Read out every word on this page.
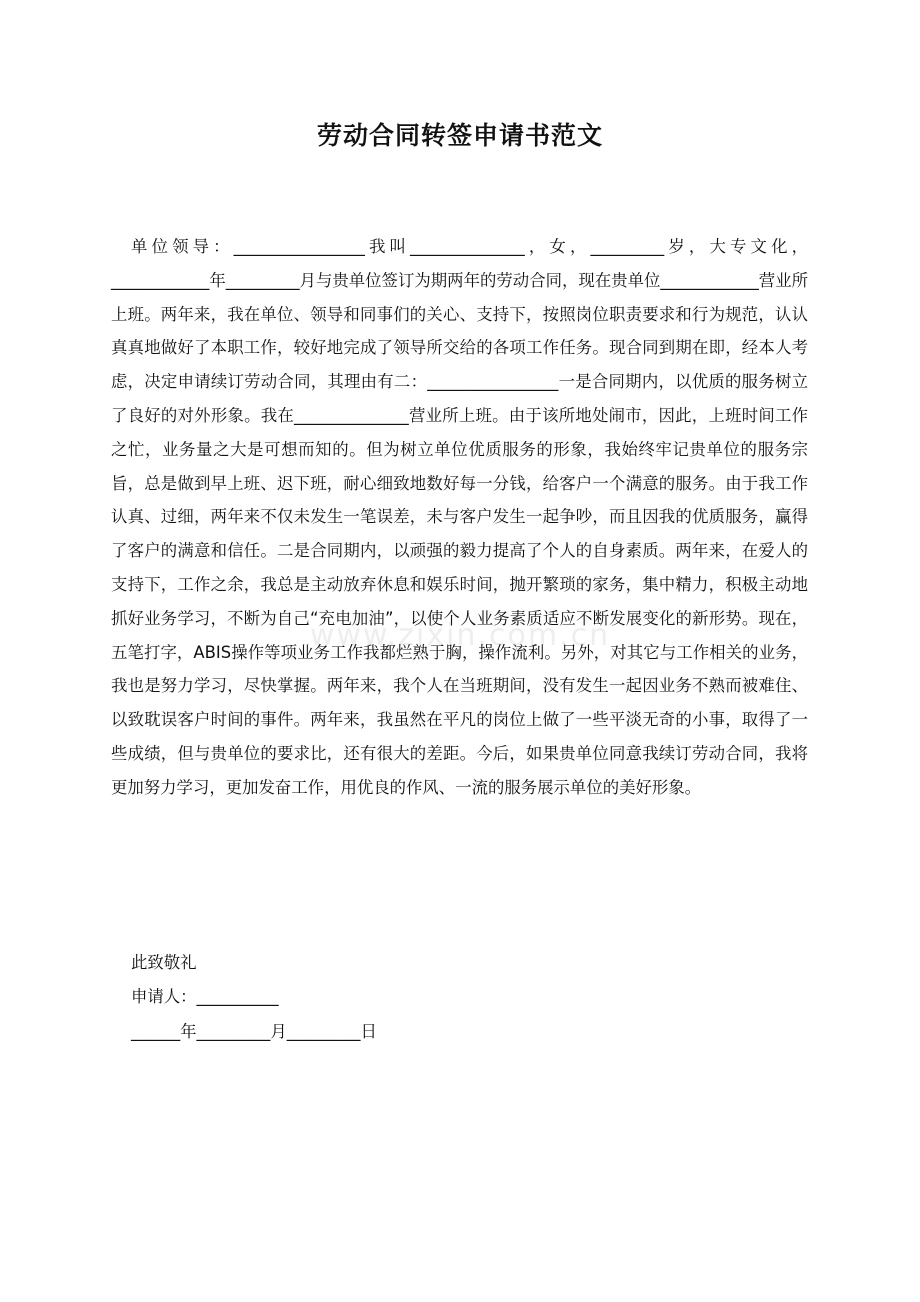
劳动合同转签申请书范文

单位领导：________________我叫______________，女，_________岁，大专文化，____________年_________月与贵单位签订为期两年的劳动合同，现在贵单位____________营业所上班。两年来，我在单位、领导和同事们的关心、支持下，按照岗位职责要求和行为规范，认认真真地做好了本职工作，较好地完成了领导所交给的各项工作任务。现合同到期在即，经本人考虑，决定申请续订劳动合同，其理由有二：________________一是合同期内，以优质的服务树立了良好的对外形象。我在______________营业所上班。由于该所地处闹市，因此，上班时间工作之忙，业务量之大是可想而知的。但为树立单位优质服务的形象，我始终牢记贵单位的服务宗旨，总是做到早上班、迟下班，耐心细致地数好每一分钱，给客户一个满意的服务。由于我工作认真、过细，两年来不仅未发生一笔误差，未与客户发生一起争吵，而且因我的优质服务，赢得了客户的满意和信任。二是合同期内，以顽强的毅力提高了个人的自身素质。两年来，在爱人的支持下，工作之余，我总是主动放弃休息和娱乐时间，抛开繁琐的家务，集中精力，积极主动地抓好业务学习，不断为自己“充电加油”，以使个人业务素质适应不断发展变化的新形势。现在，五笔打字，ABIS操作等项业务工作我都烂熟于胸，操作流利。另外，对其它与工作相关的业务，我也是努力学习，尽快掌握。两年来，我个人在当班期间，没有发生一起因业务不熟而被难住、以致耽误客户时间的事件。两年来，我虽然在平凡的岗位上做了一些平淡无奇的小事，取得了一些成绩，但与贵单位的要求比，还有很大的差距。今后，如果贵单位同意我续订劳动合同，我将更加努力学习，更加发奋工作，用优良的作风、一流的服务展示单位的美好形象。

此致敬礼
申请人：__________
______年_________月_________日
www.zixin.com.cn
